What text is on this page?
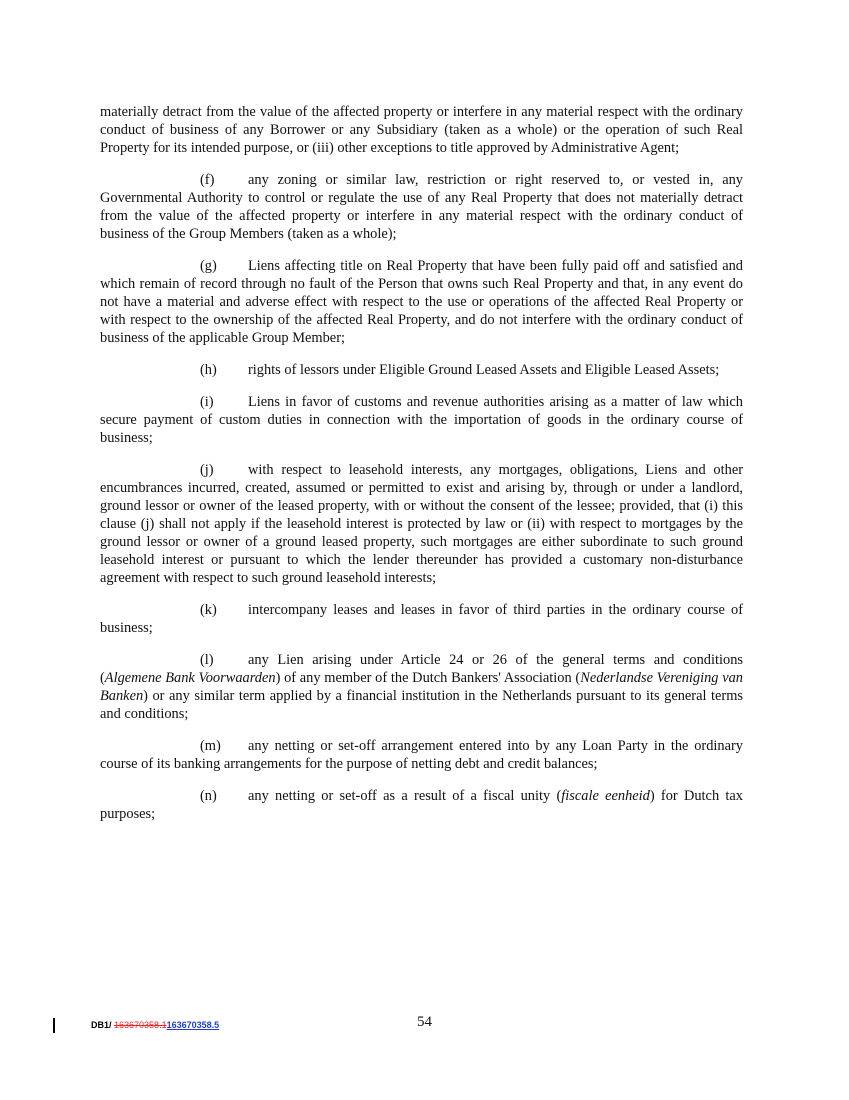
materially detract from the value of the affected property or interfere in any material respect with the ordinary conduct of business of any Borrower or any Subsidiary (taken as a whole) or the operation of such Real Property for its intended purpose, or (iii) other exceptions to title approved by Administrative Agent;

(f) any zoning or similar law, restriction or right reserved to, or vested in, any Governmental Authority to control or regulate the use of any Real Property that does not materially detract from the value of the affected property or interfere in any material respect with the ordinary conduct of business of the Group Members (taken as a whole);

(g) Liens affecting title on Real Property that have been fully paid off and satisfied and which remain of record through no fault of the Person that owns such Real Property and that, in any event do not have a material and adverse effect with respect to the use or operations of the affected Real Property or with respect to the ownership of the affected Real Property, and do not interfere with the ordinary conduct of business of the applicable Group Member;

(h) rights of lessors under Eligible Ground Leased Assets and Eligible Leased Assets;

(i) Liens in favor of customs and revenue authorities arising as a matter of law which secure payment of custom duties in connection with the importation of goods in the ordinary course of business;

(j) with respect to leasehold interests, any mortgages, obligations, Liens and other encumbrances incurred, created, assumed or permitted to exist and arising by, through or under a landlord, ground lessor or owner of the leased property, with or without the consent of the lessee; provided, that (i) this clause (j) shall not apply if the leasehold interest is protected by law or (ii) with respect to mortgages by the ground lessor or owner of a ground leased property, such mortgages are either subordinate to such ground leasehold interest or pursuant to which the lender thereunder has provided a customary non-disturbance agreement with respect to such ground leasehold interests;

(k) intercompany leases and leases in favor of third parties in the ordinary course of business;

(l) any Lien arising under Article 24 or 26 of the general terms and conditions (Algemene Bank Voorwaarden) of any member of the Dutch Bankers' Association (Nederlandse Vereniging van Banken) or any similar term applied by a financial institution in the Netherlands pursuant to its general terms and conditions;

(m) any netting or set-off arrangement entered into by any Loan Party in the ordinary course of its banking arrangements for the purpose of netting debt and credit balances;

(n) any netting or set-off as a result of a fiscal unity (fiscale eenheid) for Dutch tax purposes;

DB1/ 163670358.1163670358.5	54
